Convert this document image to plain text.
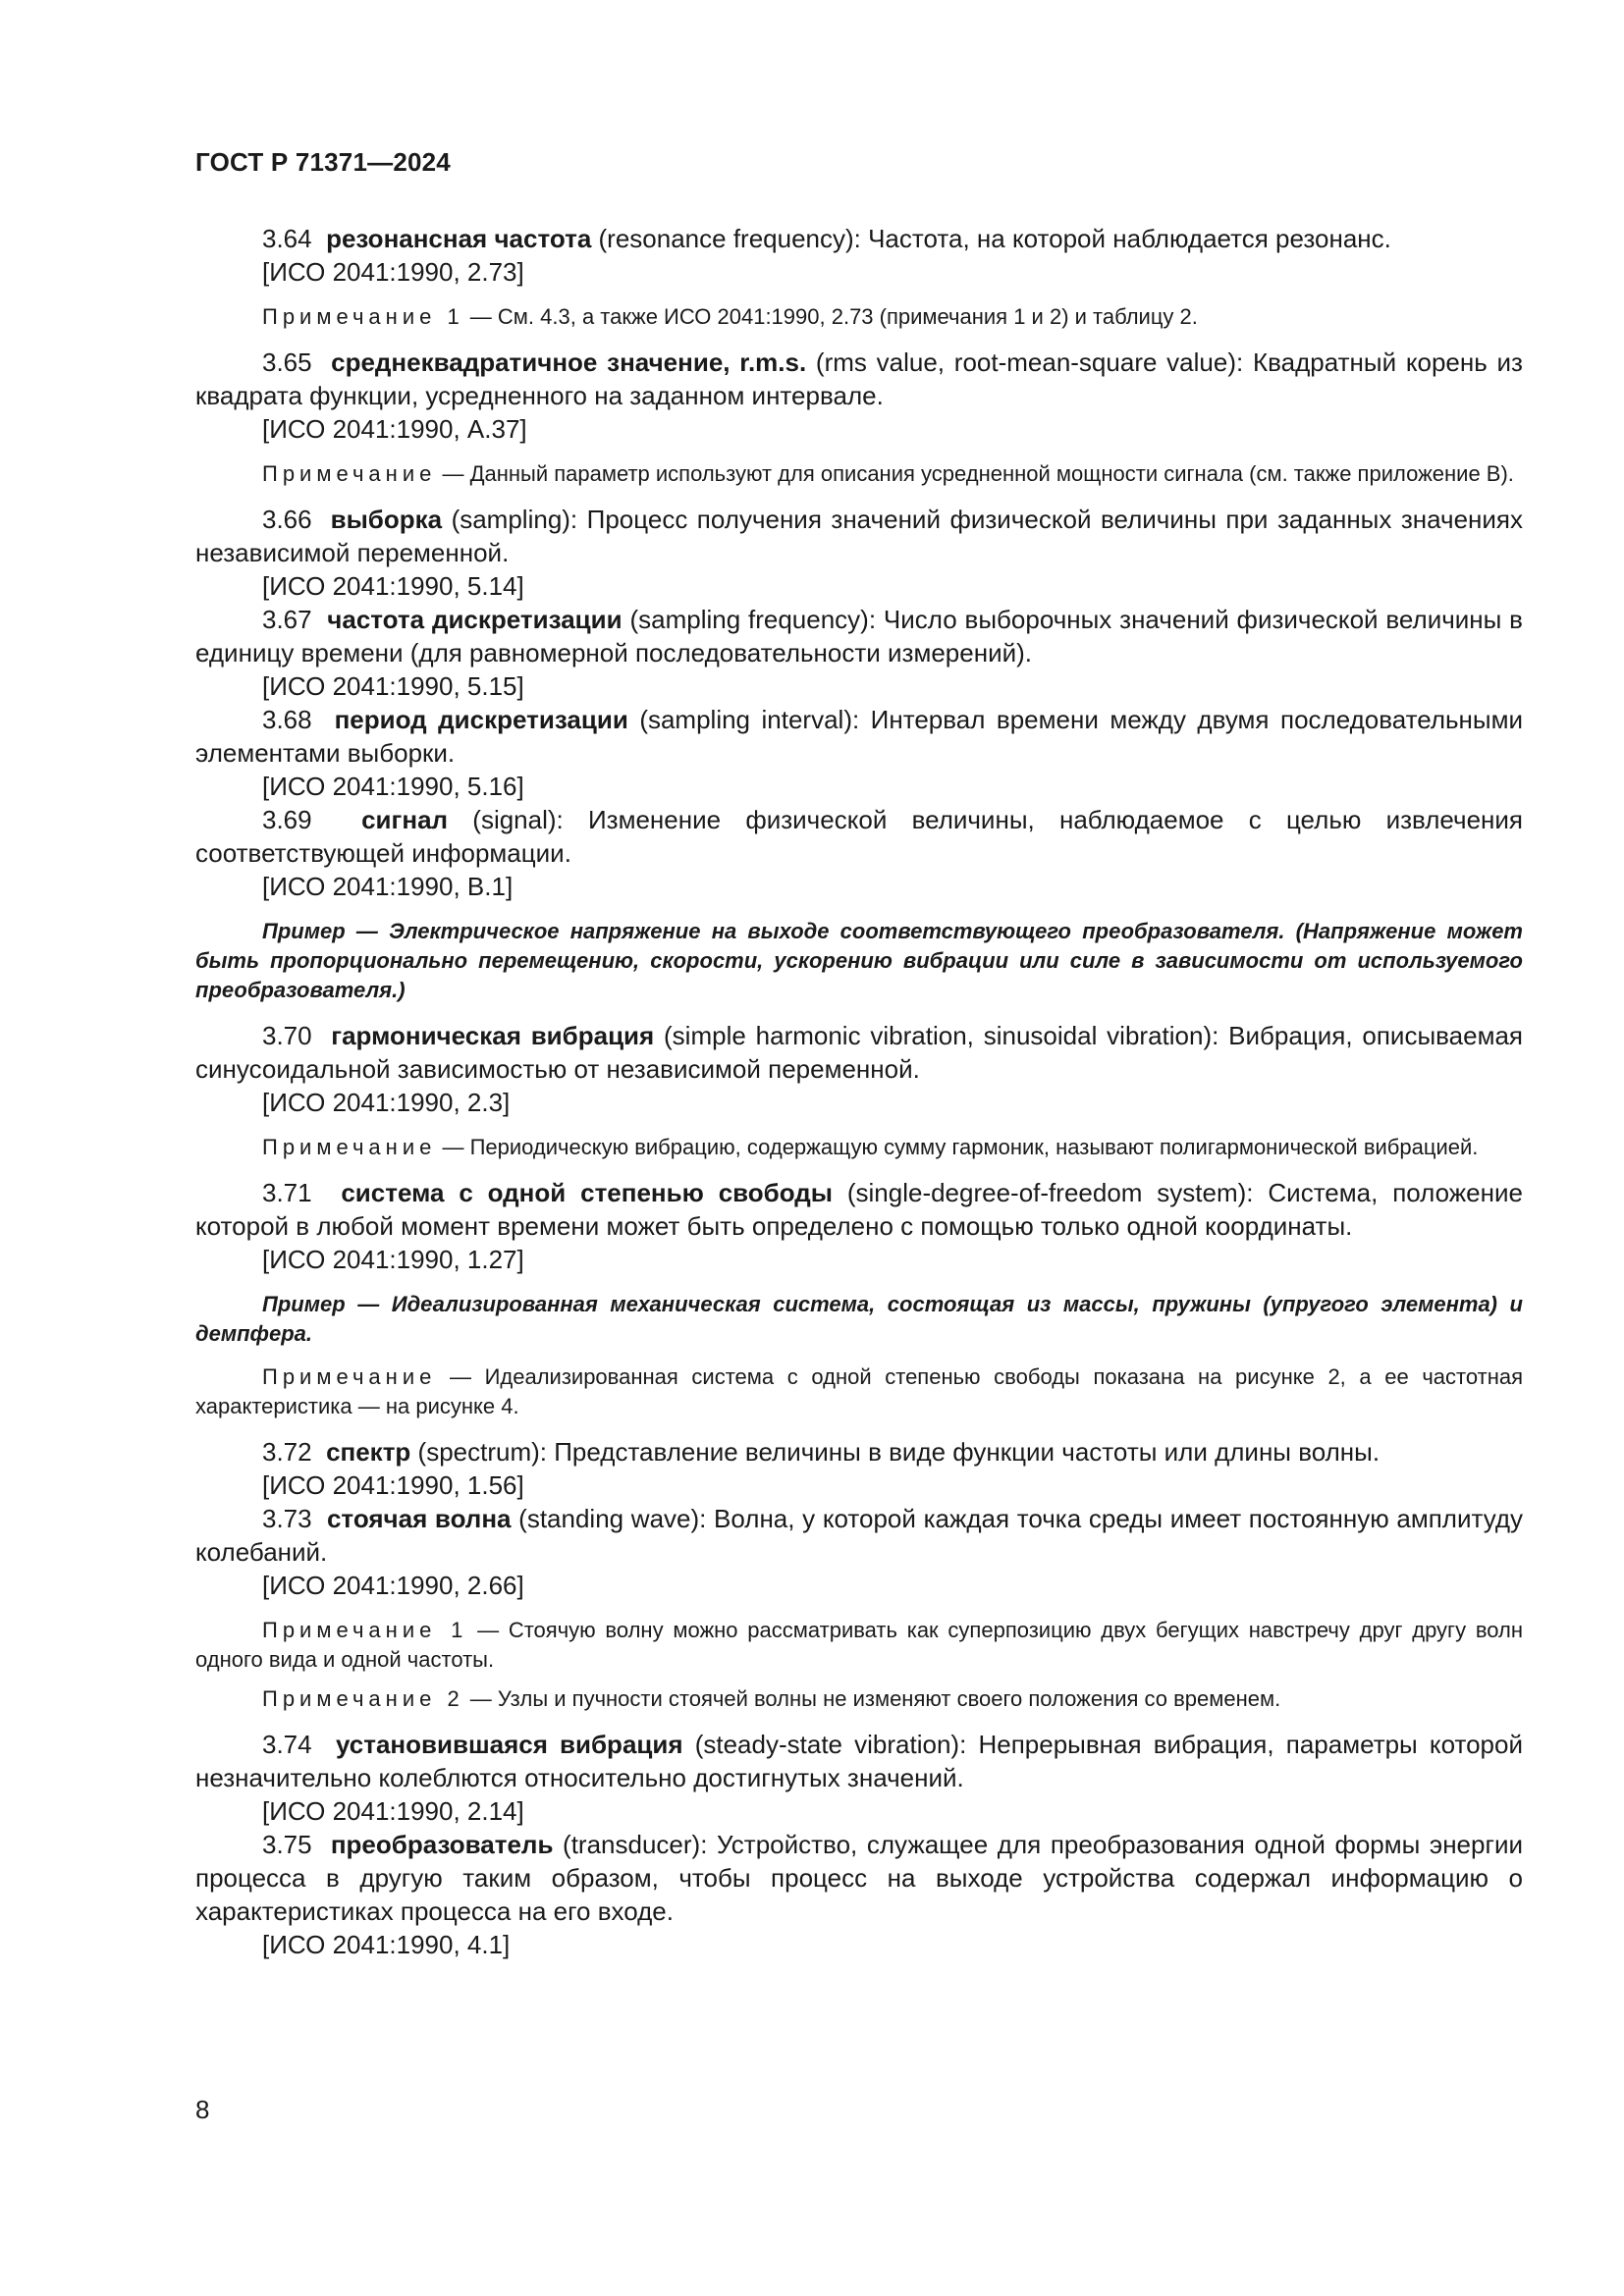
ГОСТ Р 71371—2024

3.64 резонансная частота (resonance frequency): Частота, на которой наблюдается резонанс.

[ИСО 2041:1990, 2.73]

Примечание 1 — См. 4.3, а также ИСО 2041:1990, 2.73 (примечания 1 и 2) и таблицу 2.

3.65 среднеквадратичное значение, r.m.s. (rms value, root-mean-square value): Квадратный корень из квадрата функции, усредненного на заданном интервале.

[ИСО 2041:1990, A.37]

Примечание — Данный параметр используют для описания усредненной мощности сигнала (см. также приложение В).

3.66 выборка (sampling): Процесс получения значений физической величины при заданных значениях независимой переменной.

[ИСО 2041:1990, 5.14]

3.67 частота дискретизации (sampling frequency): Число выборочных значений физической величины в единицу времени (для равномерной последовательности измерений).

[ИСО 2041:1990, 5.15]

3.68 период дискретизации (sampling interval): Интервал времени между двумя последовательными элементами выборки.

[ИСО 2041:1990, 5.16]

3.69 сигнал (signal): Изменение физической величины, наблюдаемое с целью извлечения соответствующей информации.

[ИСО 2041:1990, B.1]

Пример — Электрическое напряжение на выходе соответствующего преобразователя. (Напряжение может быть пропорционально перемещению, скорости, ускорению вибрации или силе в зависимости от используемого преобразователя.)

3.70 гармоническая вибрация (simple harmonic vibration, sinusoidal vibration): Вибрация, описываемая синусоидальной зависимостью от независимой переменной.

[ИСО 2041:1990, 2.3]

Примечание — Периодическую вибрацию, содержащую сумму гармоник, называют полигармонической вибрацией.

3.71 система с одной степенью свободы (single-degree-of-freedom system): Система, положение которой в любой момент времени может быть определено с помощью только одной координаты.

[ИСО 2041:1990, 1.27]

Пример — Идеализированная механическая система, состоящая из массы, пружины (упругого элемента) и демпфера.

Примечание — Идеализированная система с одной степенью свободы показана на рисунке 2, а ее частотная характеристика — на рисунке 4.

3.72 спектр (spectrum): Представление величины в виде функции частоты или длины волны.

[ИСО 2041:1990, 1.56]

3.73 стоячая волна (standing wave): Волна, у которой каждая точка среды имеет постоянную амплитуду колебаний.

[ИСО 2041:1990, 2.66]

Примечание 1 — Стоячую волну можно рассматривать как суперпозицию двух бегущих навстречу друг другу волн одного вида и одной частоты.

Примечание 2 — Узлы и пучности стоячей волны не изменяют своего положения со временем.

3.74 установившаяся вибрация (steady-state vibration): Непрерывная вибрация, параметры которой незначительно колеблются относительно достигнутых значений.

[ИСО 2041:1990, 2.14]

3.75 преобразователь (transducer): Устройство, служащее для преобразования одной формы энергии процесса в другую таким образом, чтобы процесс на выходе устройства содержал информацию о характеристиках процесса на его входе.

[ИСО 2041:1990, 4.1]

8
